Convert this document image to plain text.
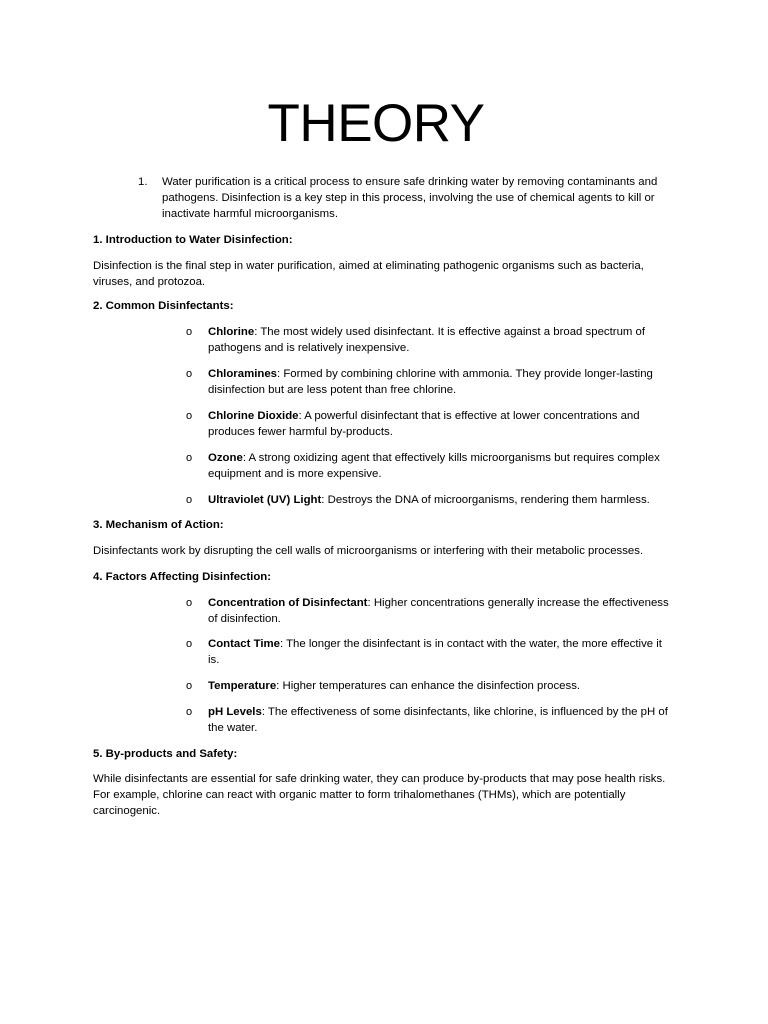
THEORY
1. Water purification is a critical process to ensure safe drinking water by removing contaminants and pathogens. Disinfection is a key step in this process, involving the use of chemical agents to kill or inactivate harmful microorganisms.
1. Introduction to Water Disinfection:
Disinfection is the final step in water purification, aimed at eliminating pathogenic organisms such as bacteria, viruses, and protozoa.
2. Common Disinfectants:
o Chlorine: The most widely used disinfectant. It is effective against a broad spectrum of pathogens and is relatively inexpensive.
o Chloramines: Formed by combining chlorine with ammonia. They provide longer-lasting disinfection but are less potent than free chlorine.
o Chlorine Dioxide: A powerful disinfectant that is effective at lower concentrations and produces fewer harmful by-products.
o Ozone: A strong oxidizing agent that effectively kills microorganisms but requires complex equipment and is more expensive.
o Ultraviolet (UV) Light: Destroys the DNA of microorganisms, rendering them harmless.
3. Mechanism of Action:
Disinfectants work by disrupting the cell walls of microorganisms or interfering with their metabolic processes.
4. Factors Affecting Disinfection:
o Concentration of Disinfectant: Higher concentrations generally increase the effectiveness of disinfection.
o Contact Time: The longer the disinfectant is in contact with the water, the more effective it is.
o Temperature: Higher temperatures can enhance the disinfection process.
o pH Levels: The effectiveness of some disinfectants, like chlorine, is influenced by the pH of the water.
5. By-products and Safety:
While disinfectants are essential for safe drinking water, they can produce by-products that may pose health risks. For example, chlorine can react with organic matter to form trihalomethanes (THMs), which are potentially carcinogenic.
